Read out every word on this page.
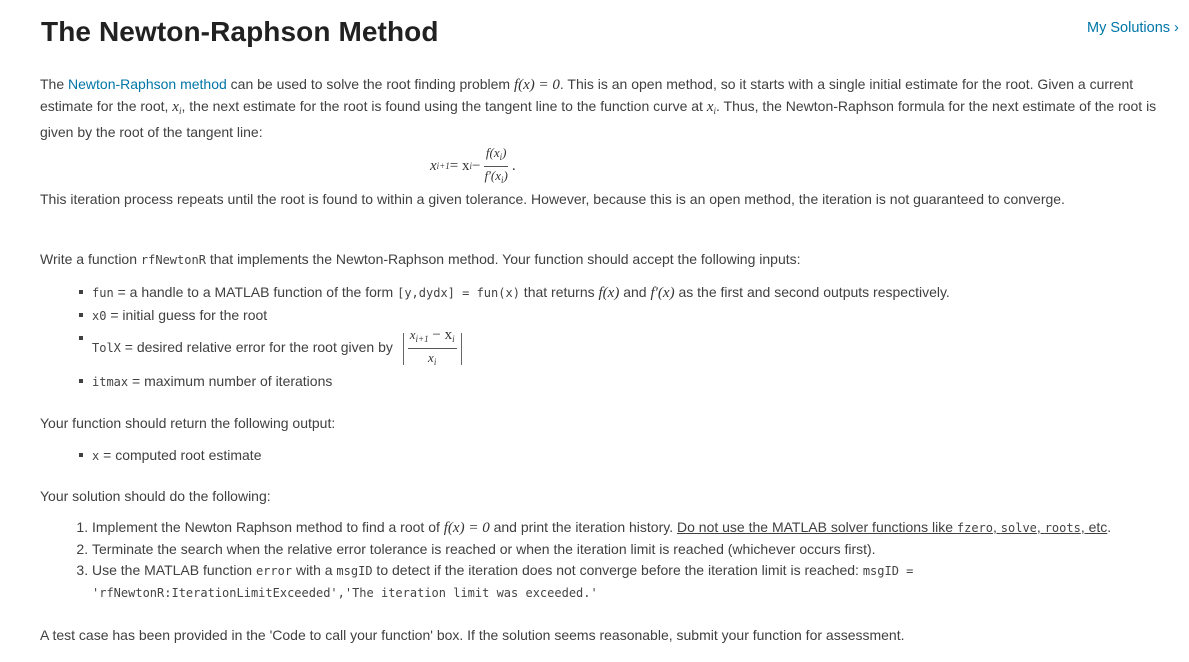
The Newton-Raphson Method	My Solutions ›

The Newton-Raphson method can be used to solve the root finding problem f(x) = 0. This is an open method, so it starts with a single initial estimate for the root. Given a current estimate for the root, $x_i$, the next estimate for the root is found using the tangent line to the function curve at $x_i$. Thus, the Newton-Raphson formula for the next estimate of the root is given by the root of the tangent line:

x i+1 = x $i - \frac{f(x_i)}{f'(x_i)}$ .

This iteration process repeats until the root is found to within a given tolerance. However, because this is an open method, the iteration is not guaranteed to converge.

Write a function rfNewtonR that implements the Newton-Raphson method. Your function should accept the following inputs:

fun = a handle to a MATLAB function of the form [y,dydx] = fun(x) that returns f(x) and f′(x) as the first and second outputs respectively.
x0 = initial guess for the root
TolX = desired relative error for the root given by $\frac{x_{i+1} - x_i}{x_i}$
itmax = maximum number of iterations

Your function should return the following output:

x = computed root estimate

Your solution should do the following:

1. Implement the Newton Raphson method to find a root of f(x) = 0 and print the iteration history. Do not use the MATLAB solver functions like fzero, solve, roots, etc.
2. Terminate the search when the relative error tolerance is reached or when the iteration limit is reached (whichever occurs first).
3. Use the MATLAB function error with a msgID to detect if the iteration does not converge before the iteration limit is reached: msgID =
'rfNewtonR:IterationLimitExceeded','The iteration limit was exceeded.'

A test case has been provided in the 'Code to call your function' box. If the solution seems reasonable, submit your function for assessment.
